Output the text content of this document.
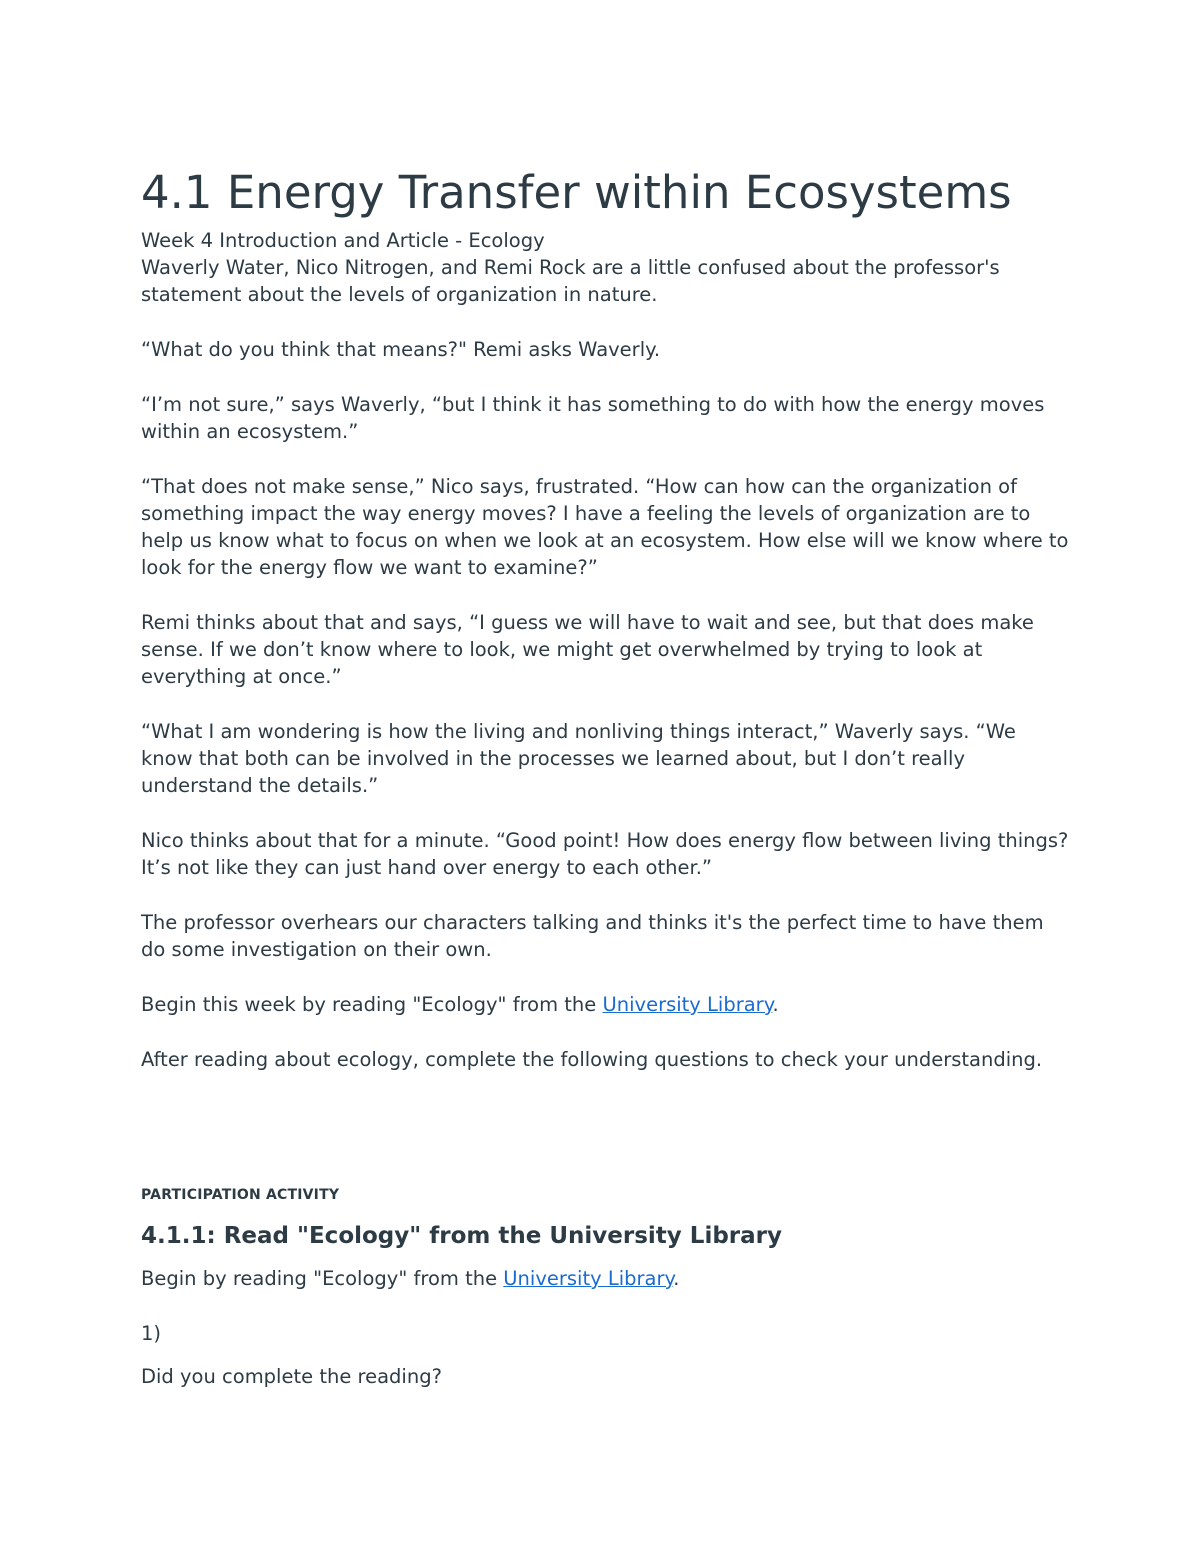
4.1 Energy Transfer within Ecosystems
Week 4 Introduction and Article - Ecology

Waverly Water, Nico Nitrogen, and Remi Rock are a little confused about the professor's statement about the levels of organization in nature.

“What do you think that means?" Remi asks Waverly.

“I’m not sure,” says Waverly, “but I think it has something to do with how the energy moves within an ecosystem.”

“That does not make sense,” Nico says, frustrated. “How can how can the organization of something impact the way energy moves? I have a feeling the levels of organization are to help us know what to focus on when we look at an ecosystem. How else will we know where to look for the energy flow we want to examine?”

Remi thinks about that and says, “I guess we will have to wait and see, but that does make sense. If we don’t know where to look, we might get overwhelmed by trying to look at everything at once.”

“What I am wondering is how the living and nonliving things interact,” Waverly says. “We know that both can be involved in the processes we learned about, but I don’t really understand the details.”

Nico thinks about that for a minute. “Good point! How does energy flow between living things? It’s not like they can just hand over energy to each other.”

The professor overhears our characters talking and thinks it's the perfect time to have them do some investigation on their own.

Begin this week by reading "Ecology" from the University Library.

After reading about ecology, complete the following questions to check your understanding.

PARTICIPATION ACTIVITY
4.1.1: Read "Ecology" from the University Library

Begin by reading "Ecology" from the University Library.

1)

Did you complete the reading?
